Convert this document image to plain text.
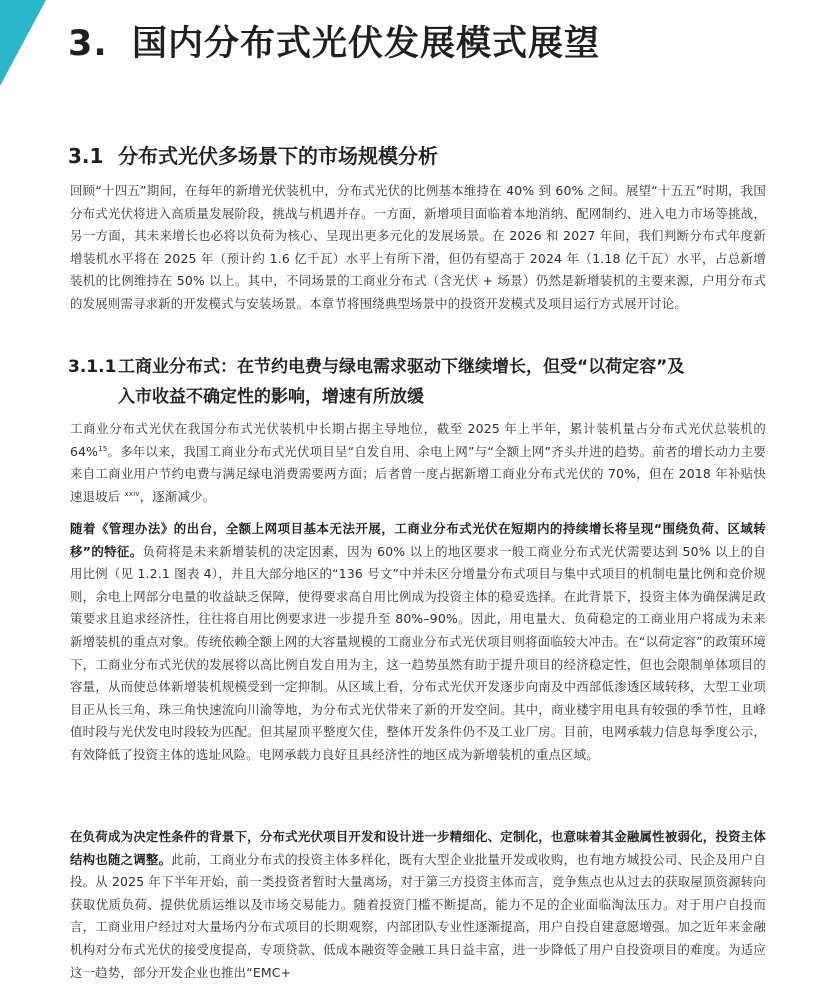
3. 国内分布式光伏发展模式展望
3.1 分布式光伏多场景下的市场规模分析

回顾“十四五”期间，在每年的新增光伏装机中，分布式光伏的比例基本维持在 40% 到 60% 之间。展望“十五五”时期，我国分布式光伏将进入高质量发展阶段，挑战与机遇并存。一方面，新增项目面临着本地消纳、配网制约、进入电力市场等挑战，另一方面，其未来增长也必将以负荷为核心、呈现出更多元化的发展场景。在 2026 和 2027 年间，我们判断分布式年度新增装机水平将在 2025 年（预计约 1.6 亿千瓦）水平上有所下滑，但仍有望高于 2024 年（1.18 亿千瓦）水平，占总新增装机的比例维持在 50% 以上。其中，不同场景的工商业分布式（含光伏 + 场景）仍然是新增装机的主要来源，户用分布式的发展则需寻求新的开发模式与安装场景。本章节将围绕典型场景中的投资开发模式及项目运行方式展开讨论。

3.1.1 工商业分布式：在节约电费与绿电需求驱动下继续增长，但受“以荷定容”及
入市收益不确定性的影响，增速有所放缓

工商业分布式光伏在我国分布式光伏装机中长期占据主导地位，截至 2025 年上半年，累计装机量占分布式光伏总装机的 64%$^{15}$。多年以来，我国工商业分布式光伏项目呈“自发自用、余电上网”与“全额上网”齐头并进的趋势。前者的增长动力主要来自工商业用户节约电费与满足绿电消费需要两方面；后者曾一度占据新增工商业分布式光伏的 70%，但在 2018 年补贴快速退坡后 $^{xxiv}$，逐渐减少。

随着《管理办法》的出台，全额上网项目基本无法开展，工商业分布式光伏在短期内的持续增长将呈现“围绕负荷、区域转移”的特征。负荷将是未来新增装机的决定因素，因为 60% 以上的地区要求一般工商业分布式光伏需要达到 50% 以上的自用比例（见 1.2.1 图表 4），并且大部分地区的“136 号文”中并未区分增量分布式项目与集中式项目的机制电量比例和竞价规则，余电上网部分电量的收益缺乏保障，使得要求高自用比例成为投资主体的稳妥选择。在此背景下，投资主体为确保满足政策要求且追求经济性，往往将自用比例要求进一步提升至 80%–90%。因此，用电量大、负荷稳定的工商业用户将成为未来新增装机的重点对象。传统依赖全额上网的大容量规模的工商业分布式光伏项目则将面临较大冲击。在“以荷定容”的政策环境下，工商业分布式光伏的发展将以高比例自发自用为主，这一趋势虽然有助于提升项目的经济稳定性，但也会限制单体项目的容量，从而使总体新增装机规模受到一定抑制。从区域上看，分布式光伏开发逐步向南及中西部低渗透区域转移，大型工业项目正从长三角、珠三角快速流向川渝等地，为分布式光伏带来了新的开发空间。其中，商业楼宇用电具有较强的季节性，且峰值时段与光伏发电时段较为匹配。但其屋顶平整度欠佳，整体开发条件仍不及工业厂房。目前，电网承载力信息每季度公示，有效降低了投资主体的选址风险。电网承载力良好且具经济性的地区成为新增装机的重点区域。

在负荷成为决定性条件的背景下，分布式光伏项目开发和设计进一步精细化、定制化，也意味着其金融属性被弱化，投资主体结构也随之调整。此前，工商业分布式的投资主体多样化，既有大型企业批量开发或收购，也有地方城投公司、民企及用户自投。从 2025 年下半年开始，前一类投资者暂时大量离场，对于第三方投资主体而言，竞争焦点也从过去的获取屋顶资源转向获取优质负荷、提供优质运维以及市场交易能力。随着投资门槛不断提高，能力不足的企业面临淘汰压力。对于用户自投而言，工商业用户经过对大量场内分布式项目的长期观察，内部团队专业性逐渐提高，用户自投自建意愿增强。加之近年来金融机构对分布式光伏的接受度提高，专项贷款、低成本融资等金融工具日益丰富，进一步降低了用户自投资项目的难度。为适应这一趋势，部分开发企业也推出“EMC+
